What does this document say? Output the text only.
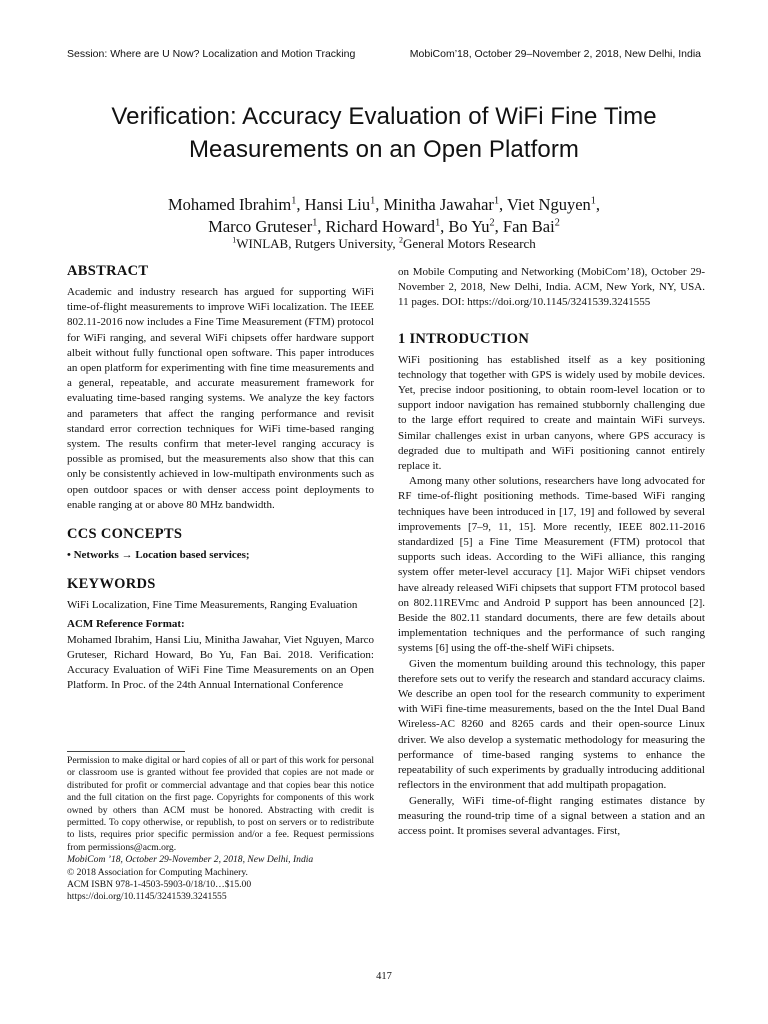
Session: Where are U Now? Localization and Motion Tracking	MobiCom’18, October 29–November 2, 2018, New Delhi, India
Verification: Accuracy Evaluation of WiFi Fine Time
Measurements on an Open Platform
Mohamed Ibrahim$^1$, Hansi Liu$^1$, Minitha Jawahar$^1$, Viet Nguyen$^1$,
Marco Gruteser$^1$, Richard Howard$^1$, Bo Yu$^2$, Fan Bai$^2$
$^1$WINLAB, Rutgers University, $^2$General Motors Research
ABSTRACT

Academic and industry research has argued for supporting WiFi time-of-flight measurements to improve WiFi localization. The IEEE 802.11-2016 now includes a Fine Time Measurement (FTM) protocol for WiFi ranging, and several WiFi chipsets offer hardware support albeit without fully functional open software. This paper introduces an open platform for experimenting with fine time measurements and a general, repeatable, and accurate measurement framework for evaluating time-based ranging systems. We analyze the key factors and parameters that affect the ranging performance and revisit standard error correction techniques for WiFi time-based ranging system. The results confirm that meter-level ranging accuracy is possible as promised, but the measurements also show that this can only be consistently achieved in low-multipath environments such as open outdoor spaces or with denser access point deployments to enable ranging at or above 80 MHz bandwidth.

CCS CONCEPTS

• Networks → Location based services;

KEYWORDS

WiFi Localization, Fine Time Measurements, Ranging Evaluation

ACM Reference Format:

Mohamed Ibrahim, Hansi Liu, Minitha Jawahar, Viet Nguyen, Marco Gruteser, Richard Howard, Bo Yu, Fan Bai. 2018. Verification: Accuracy Evaluation of WiFi Fine Time Measurements on an Open Platform. In Proc. of the 24th Annual International Conference

Permission to make digital or hard copies of all or part of this work for personal or classroom use is granted without fee provided that copies are not made or distributed for profit or commercial advantage and that copies bear this notice and the full citation on the first page. Copyrights for components of this work owned by others than ACM must be honored. Abstracting with credit is permitted. To copy otherwise, or republish, to post on servers or to redistribute to lists, requires prior specific permission and/or a fee. Request permissions from permissions@acm.org.

MobiCom ’18, October 29-November 2, 2018, New Delhi, India

© 2018 Association for Computing Machinery.

ACM ISBN 978-1-4503-5903-0/18/10…$15.00

https://doi.org/10.1145/3241539.3241555

on Mobile Computing and Networking (MobiCom’18), October 29-November 2, 2018, New Delhi, India. ACM, New York, NY, USA. 11 pages. DOI: https://doi.org/10.1145/3241539.3241555

1 INTRODUCTION

WiFi positioning has established itself as a key positioning technology that together with GPS is widely used by mobile devices. Yet, precise indoor positioning, to obtain room-level location or to support indoor navigation has remained stubbornly challenging due to the large effort required to create and maintain WiFi surveys. Similar challenges exist in urban canyons, where GPS accuracy is degraded due to multipath and WiFi positioning cannot entirely replace it.

Among many other solutions, researchers have long advocated for RF time-of-flight positioning methods. Time-based WiFi ranging techniques have been introduced in [17, 19] and followed by several improvements [7–9, 11, 15]. More recently, IEEE 802.11-2016 standardized [5] a Fine Time Measurement (FTM) protocol that supports such ideas. According to the WiFi alliance, this ranging system offer meter-level accuracy [1]. Major WiFi chipset vendors have already released WiFi chipsets that support FTM protocol based on 802.11REVmc and Android P support has been announced [2]. Beside the 802.11 standard documents, there are few details about implementation techniques and the performance of such ranging systems [6] using the off-the-shelf WiFi chipsets.

Given the momentum building around this technology, this paper therefore sets out to verify the research and standard accuracy claims. We describe an open tool for the research community to experiment with WiFi fine-time measurements, based on the the Intel Dual Band Wireless-AC 8260 and 8265 cards and their open-source Linux driver. We also develop a systematic methodology for measuring the performance of time-based ranging systems to enhance the repeatability of such experiments by gradually introducing additional reflectors in the environment that add multipath propagation.

Generally, WiFi time-of-flight ranging estimates distance by measuring the round-trip time of a signal between a station and an access point. It promises several advantages. First,

417
